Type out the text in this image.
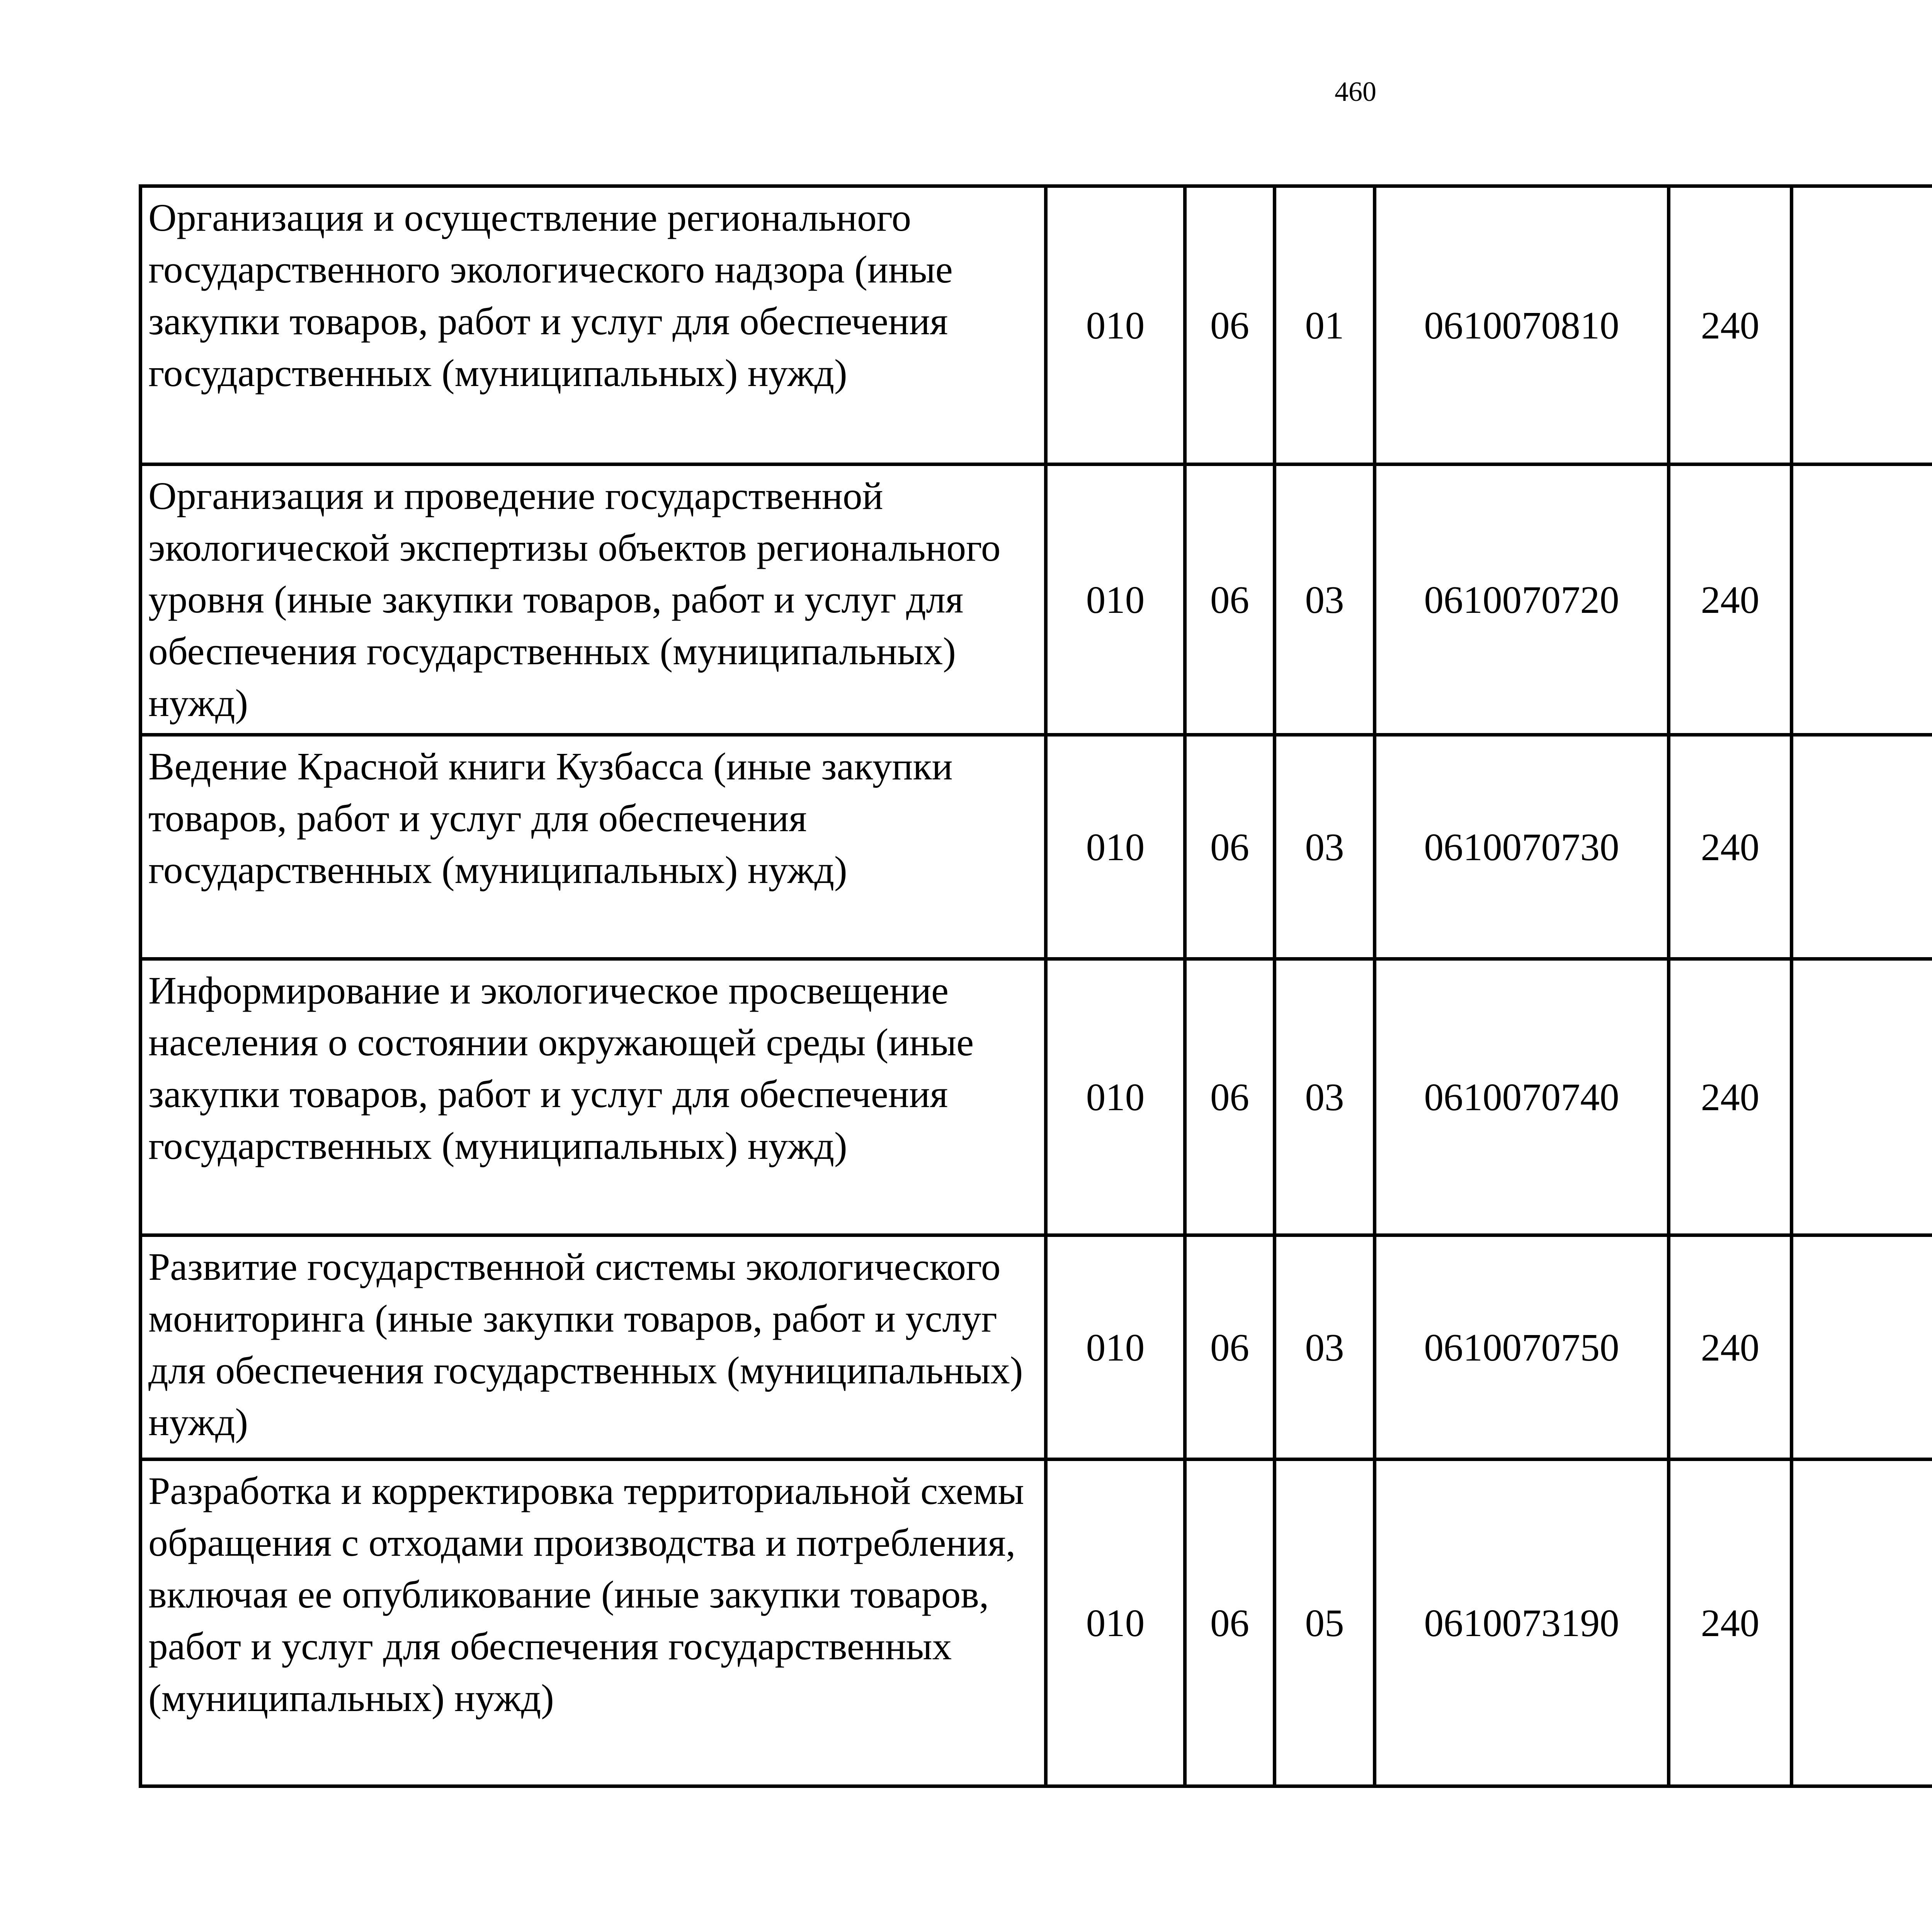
460
Организация и осуществление регионального государственного экологического надзора (иные закупки товаров, работ и услуг для обеспечения государственных (муниципальных) нужд)	010	06	01	0610070810	240			
Организация и проведение государственной экологической экспертизы объектов регионального уровня (иные закупки товаров, работ и услуг для обеспечения государственных (муниципальных) нужд)	010	06	03	0610070720	240			
Ведение Красной книги Кузбасса (иные закупки товаров, работ и услуг для обеспечения государственных (муниципальных) нужд)	010	06	03	0610070730	240			
Информирование и экологическое просвещение населения о состоянии окружающей среды (иные закупки товаров, работ и услуг для обеспечения государственных (муниципальных) нужд)	010	06	03	0610070740	240			
Развитие государственной системы экологического мониторинга (иные закупки товаров, работ и услуг для обеспечения государственных (муниципальных) нужд)	010	06	03	0610070750	240			
Разработка и корректировка территориальной схемы обращения с отходами производства и потребления, включая ее опубликование (иные закупки товаров, работ и услуг для обеспечения государственных (муниципальных) нужд)	010	06	05	0610073190	240			
